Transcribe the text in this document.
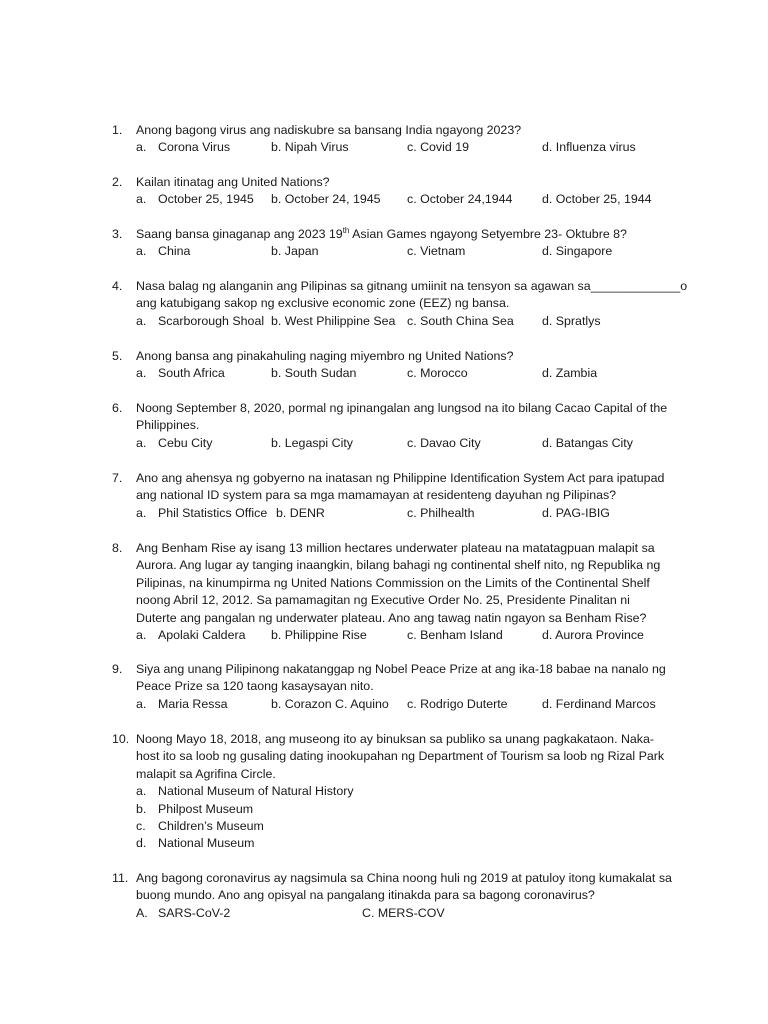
1. Anong bagong virus ang nadiskubre sa bansang India ngayong 2023?
a. Corona Virus	b. Nipah Virus	c. Covid 19	d. Influenza virus
2. Kailan itinatag ang United Nations?
a. October 25, 1945 b. October 24, 1945 c. October 24,1944 d. October 25, 1944
3. Saang bansa ginaganap ang 2023 19th Asian Games ngayong Setyembre 23- Oktubre 8?
a. China	b. Japan	c. Vietnam	d. Singapore
4. Nasa balag ng alanganin ang Pilipinas sa gitnang umiinit na tensyon sa agawan sa_____________o
ang katubigang sakop ng exclusive economic zone (EEZ) ng bansa.
a. Scarborough Shoal b. West Philippine Sea c. South China Sea d. Spratlys
5. Anong bansa ang pinakahuling naging miyembro ng United Nations?
a. South Africa	b. South Sudan	c. Morocco	d. Zambia
6. Noong September 8, 2020, pormal ng ipinangalan ang lungsod na ito bilang Cacao Capital of the
Philippines.
a. Cebu City	b. Legaspi City	c. Davao City	d. Batangas City
7. Ano ang ahensya ng gobyerno na inatasan ng Philippine Identification System Act para ipatupad
ang national ID system para sa mga mamamayan at residenteng dayuhan ng Pilipinas?
a. Phil Statistics Office b. DENR	c. Philhealth	d. PAG-IBIG
8. Ang Benham Rise ay isang 13 million hectares underwater plateau na matatagpuan malapit sa
Aurora. Ang lugar ay tanging inaangkin, bilang bahagi ng continental shelf nito, ng Republika ng
Pilipinas, na kinumpirma ng United Nations Commission on the Limits of the Continental Shelf
noong Abril 12, 2012. Sa pamamagitan ng Executive Order No. 25, Presidente Pinalitan ni
Duterte ang pangalan ng underwater plateau. Ano ang tawag natin ngayon sa Benham Rise?
a. Apolaki Caldera b. Philippine Rise	c. Benham Island	d. Aurora Province
9. Siya ang unang Pilipinong nakatanggap ng Nobel Peace Prize at ang ika-18 babae na nanalo ng
Peace Prize sa 120 taong kasaysayan nito.
a. Maria Ressa	b. Corazon C. Aquino c. Rodrigo Duterte	d. Ferdinand Marcos
10. Noong Mayo 18, 2018, ang museong ito ay binuksan sa publiko sa unang pagkakataon. Naka-
host ito sa loob ng gusaling dating inookupahan ng Department of Tourism sa loob ng Rizal Park
malapit sa Agrifina Circle.
a. National Museum of Natural History
b. Philpost Museum
c. Children’s Museum
d. National Museum
11. Ang bagong coronavirus ay nagsimula sa China noong huli ng 2019 at patuloy itong kumakalat sa
buong mundo. Ano ang opisyal na pangalang itinakda para sa bagong coronavirus?
A. SARS-CoV-2	C. MERS-COV
